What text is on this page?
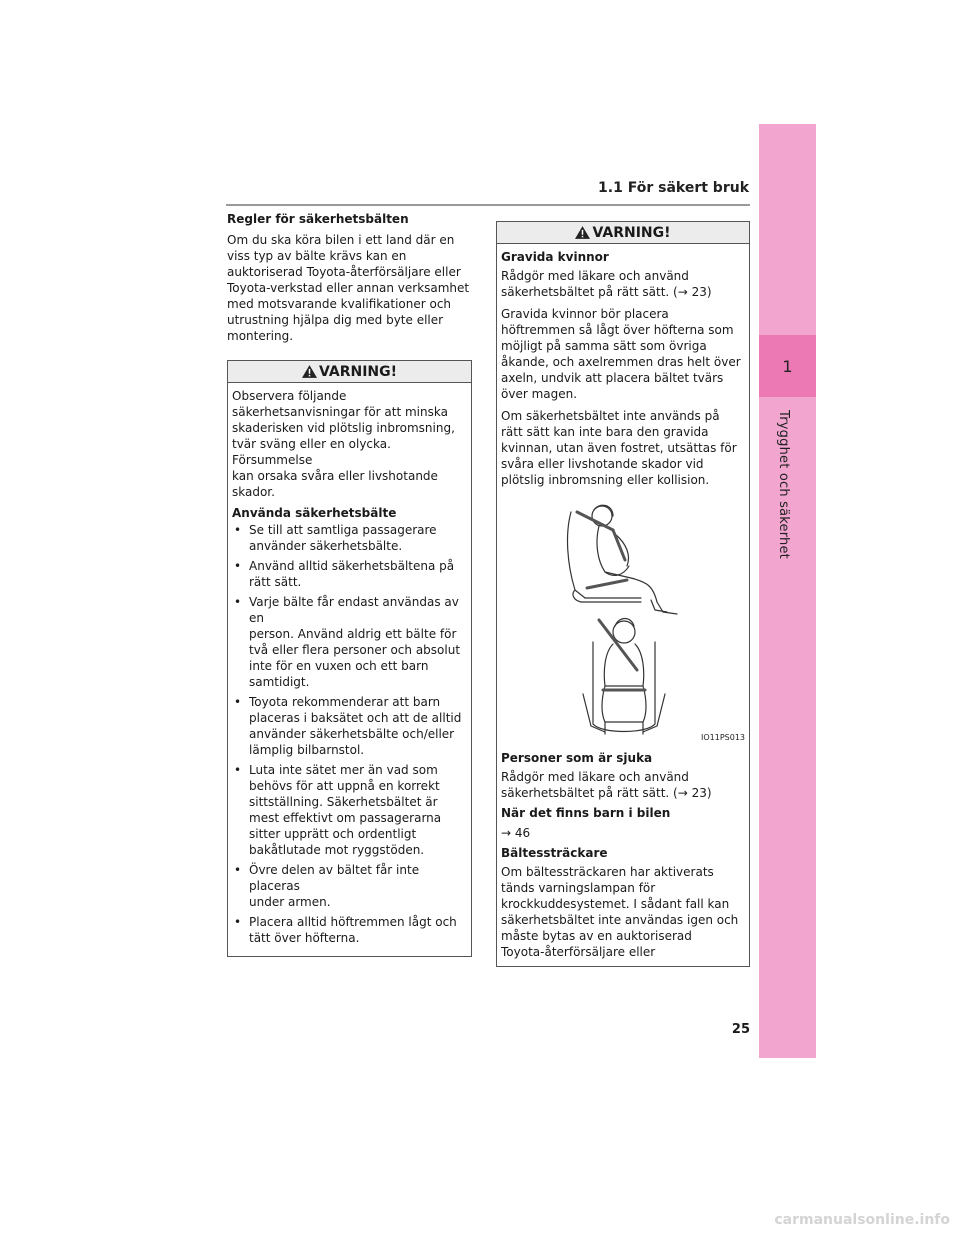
1
Trygghet och säkerhet
1.1 För säkert bruk

Regler för säkerhetsbälten

Om du ska köra bilen i ett land där en
viss typ av bälte krävs kan en
auktoriserad Toyota-återförsäljare eller
Toyota-verkstad eller annan verksamhet
med motsvarande kvalifikationer och
utrustning hjälpa dig med byte eller
montering.

VARNING!

Observera följande
säkerhetsanvisningar för att minska
skaderisken vid plötslig inbromsning,
tvär sväng eller en olycka. Försummelse
kan orsaka svåra eller livshotande
skador.

Använda säkerhetsbälte

• Se till att samtliga passagerare
använder säkerhetsbälte.
• Använd alltid säkerhetsbältena på
rätt sätt.
• Varje bälte får endast användas av en
person. Använd aldrig ett bälte för
två eller flera personer och absolut
inte för en vuxen och ett barn
samtidigt.
• Toyota rekommenderar att barn
placeras i baksätet och att de alltid
använder säkerhetsbälte och/eller
lämplig bilbarnstol.
• Luta inte sätet mer än vad som
behövs för att uppnå en korrekt
sittställning. Säkerhetsbältet är
mest effektivt om passagerarna
sitter upprätt och ordentligt
bakåtlutade mot ryggstöden.
• Övre delen av bältet får inte placeras
under armen.
• Placera alltid höftremmen lågt och
tätt över höfterna.
VARNING!

Gravida kvinnor

Rådgör med läkare och använd
säkerhetsbältet på rätt sätt. (→ 23)

Gravida kvinnor bör placera
höftremmen så lågt över höfterna som
möjligt på samma sätt som övriga
åkande, och axelremmen dras helt över
axeln, undvik att placera bältet tvärs
över magen.

Om säkerhetsbältet inte används på
rätt sätt kan inte bara den gravida
kvinnan, utan även fostret, utsättas för
svåra eller livshotande skador vid
plötslig inbromsning eller kollision.

IO11PS013

Personer som är sjuka

Rådgör med läkare och använd
säkerhetsbältet på rätt sätt. (→ 23)

När det finns barn i bilen

→ 46

Bältessträckare

Om bältessträckaren har aktiverats
tänds varningslampan för
krockkuddesystemet. I sådant fall kan
säkerhetsbältet inte användas igen och
måste bytas av en auktoriserad
Toyota-återförsäljare eller

25
carmanualsonline.info
